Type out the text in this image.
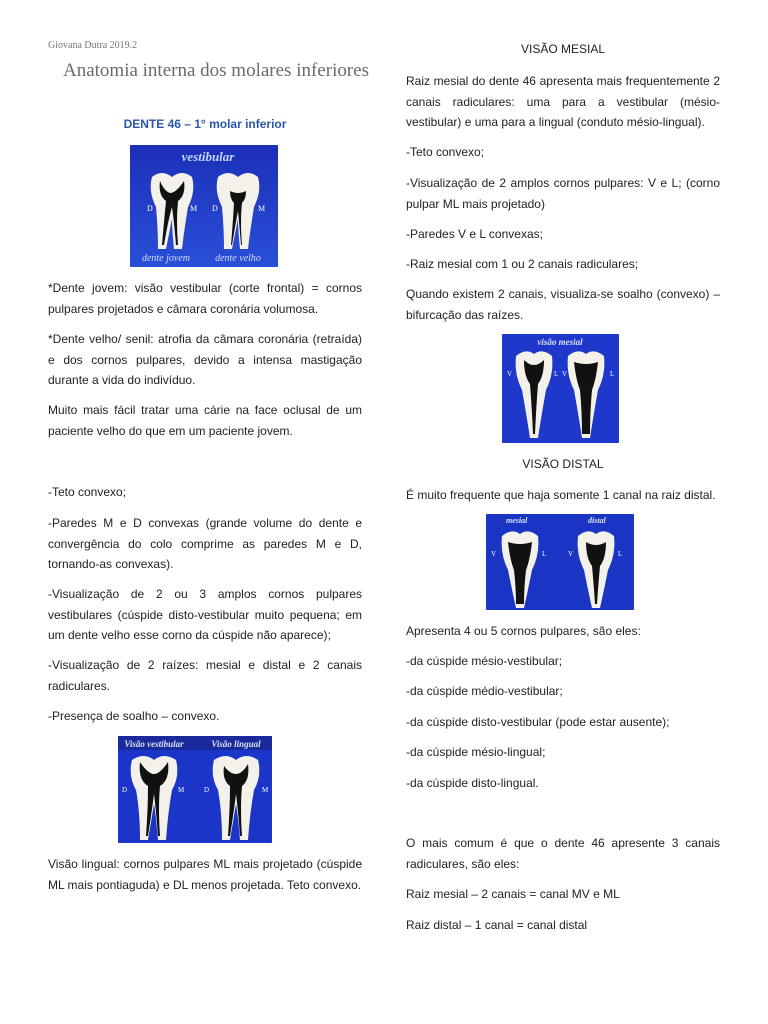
Giovana Dutra 2019.2
Anatomia interna dos molares inferiores
DENTE 46 – 1° molar inferior
vestibular
D	M D	M
dente jovem	dente velho

*Dente jovem: visão vestibular (corte frontal) = cornos pulpares projetados e câmara coronária volumosa.

*Dente velho/ senil: atrofia da câmara coronária (retraída) e dos cornos pulpares, devido a intensa mastigação durante a vida do indivíduo.

Muito mais fácil tratar uma cárie na face oclusal de um paciente velho do que em um paciente jovem.

-Teto convexo;

-Paredes M e D convexas (grande volume do dente e convergência do colo comprime as paredes M e D, tornando-as convexas).

-Visualização de 2 ou 3 amplos cornos pulpares vestibulares (cúspide disto-vestibular muito pequena; em um dente velho esse corno da cúspide não aparece);

-Visualização de 2 raízes: mesial e distal e 2 canais radiculares.

-Presença de soalho – convexo.

Visão vestibular	Visão lingual
D	M	D	M

Visão lingual: cornos pulpares ML mais projetado (cúspide ML mais pontiaguda) e DL menos projetada. Teto convexo.

VISÃO MESIAL

Raiz mesial do dente 46 apresenta mais frequentemente 2 canais radiculares: uma para a vestibular (mésio-vestibular) e uma para a lingual (conduto mésio-lingual).

-Teto convexo;

-Visualização de 2 amplos cornos pulpares: V e L; (corno pulpar ML mais projetado)

-Paredes V e L convexas;

-Raiz mesial com 1 ou 2 canais radiculares;

Quando existem 2 canais, visualiza-se soalho (convexo) – bifurcação das raízes.

visão mesial
V	L V	L
VISÃO DISTAL

É muito frequente que haja somente 1 canal na raiz distal.

mesial	distal
V	L	V	L

Apresenta 4 ou 5 cornos pulpares, são eles:

-da cúspide mésio-vestibular;

-da cúspide médio-vestibular;

-da cúspide disto-vestibular (pode estar ausente);

-da cúspide mésio-lingual;

-da cúspide disto-lingual.

O mais comum é que o dente 46 apresente 3 canais radiculares, são eles:

Raiz mesial – 2 canais = canal MV e ML

Raiz distal – 1 canal = canal distal
